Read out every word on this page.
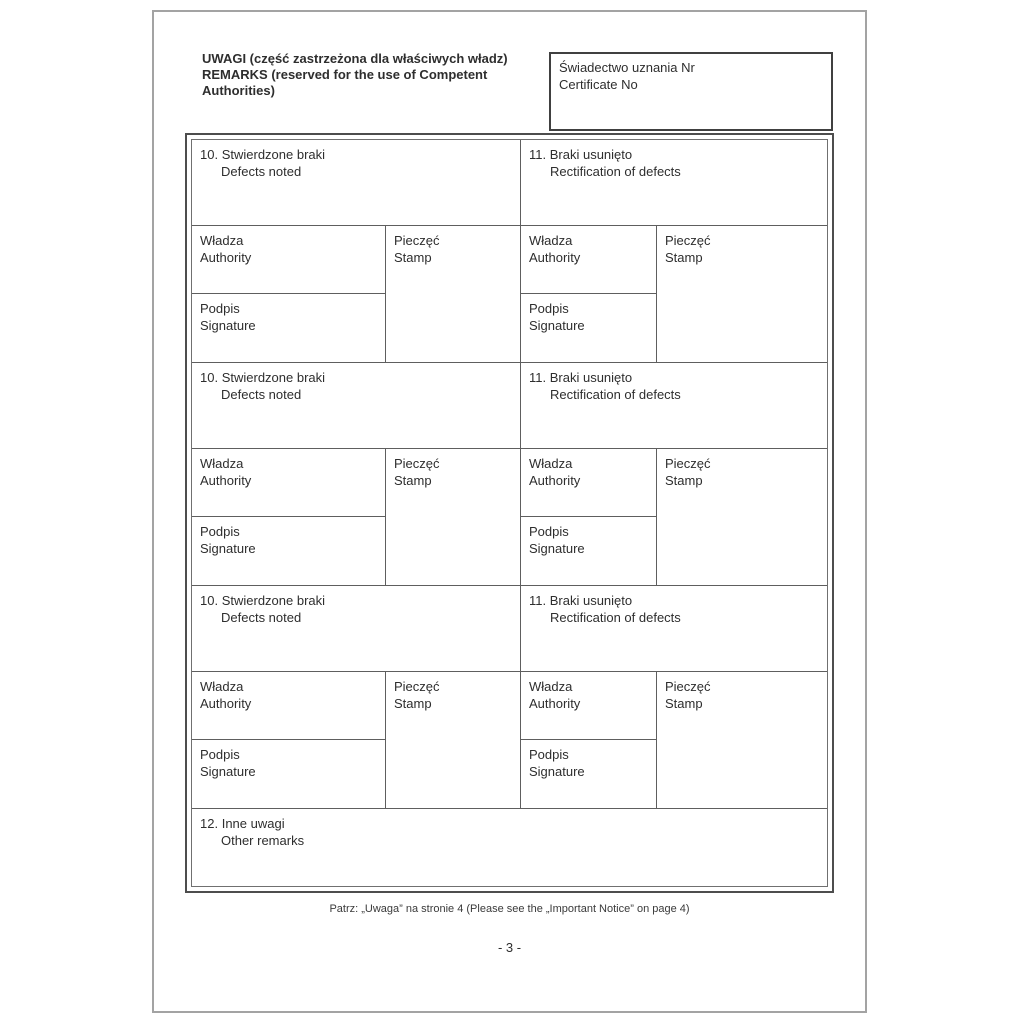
UWAGI (część zastrzeżona dla właściwych władz)
REMARKS (reserved for the use of Competent Authorities)
Świadectwo uznania Nr
Certificate No
10. Stwierdzone braki
Defects noted
11. Braki usunięto
Rectification of defects
Władza
Authority
Pieczęć
Stamp
Władza
Authority
Pieczęć
Stamp
Podpis
Signature
Podpis
Signature
10. Stwierdzone braki
Defects noted
11. Braki usunięto
Rectification of defects
Władza
Authority
Pieczęć
Stamp
Władza
Authority
Pieczęć
Stamp
Podpis
Signature
Podpis
Signature
10. Stwierdzone braki
Defects noted
11. Braki usunięto
Rectification of defects
Władza
Authority
Pieczęć
Stamp
Władza
Authority
Pieczęć
Stamp
Podpis
Signature
Podpis
Signature
12. Inne uwagi
Other remarks
Patrz: „Uwaga” na stronie 4 (Please see the „Important Notice” on page 4)
- 3 -
